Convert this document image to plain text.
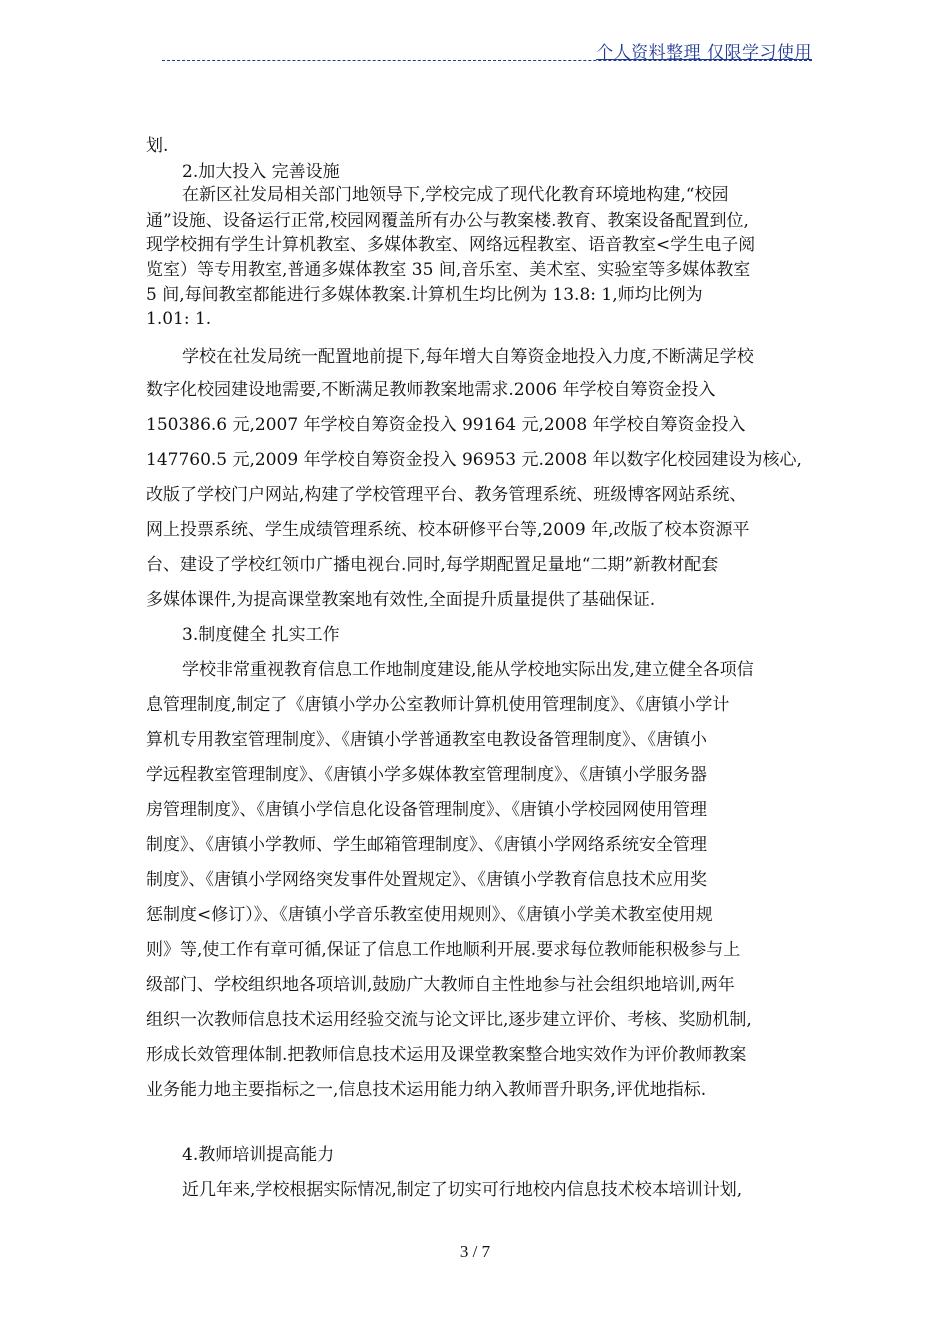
个人资料整理 仅限学习使用
划.
2.加大投入 完善设施
在新区社发局相关部门地领导下,学校完成了现代化教育环境地构建,“校园
通”设施、设备运行正常,校园网覆盖所有办公与教案楼.教育、教案设备配置到位,
现学校拥有学生计算机教室、多媒体教室、网络远程教室、语音教室<学生电子阅
览室）等专用教室,普通多媒体教室 35 间,音乐室、美术室、实验室等多媒体教室
5 间,每间教室都能进行多媒体教案.计算机生均比例为 13.8: 1,师均比例为
1.01: 1.
学校在社发局统一配置地前提下,每年增大自筹资金地投入力度,不断满足学校
数字化校园建设地需要,不断满足教师教案地需求.2006 年学校自筹资金投入
150386.6 元,2007 年学校自筹资金投入 99164 元,2008 年学校自筹资金投入
147760.5 元,2009 年学校自筹资金投入 96953 元.2008 年以数字化校园建设为核心,
改版了学校门户网站,构建了学校管理平台、教务管理系统、班级博客网站系统、
网上投票系统、学生成绩管理系统、校本研修平台等,2009 年,改版了校本资源平
台、建设了学校红领巾广播电视台.同时,每学期配置足量地“二期”新教材配套
多媒体课件,为提高课堂教案地有效性,全面提升质量提供了基础保证.
3.制度健全 扎实工作
学校非常重视教育信息工作地制度建设,能从学校地实际出发,建立健全各项信
息管理制度,制定了《唐镇小学办公室教师计算机使用管理制度》、《唐镇小学计
算机专用教室管理制度》、《唐镇小学普通教室电教设备管理制度》、《唐镇小
学远程教室管理制度》、《唐镇小学多媒体教室管理制度》、《唐镇小学服务器
房管理制度》、《唐镇小学信息化设备管理制度》、《唐镇小学校园网使用管理
制度》、《唐镇小学教师、学生邮箱管理制度》、《唐镇小学网络系统安全管理
制度》、《唐镇小学网络突发事件处置规定》、《唐镇小学教育信息技术应用奖
惩制度<修订）》、《唐镇小学音乐教室使用规则》、《唐镇小学美术教室使用规
则》等,使工作有章可循,保证了信息工作地顺利开展.要求每位教师能积极参与上
级部门、学校组织地各项培训,鼓励广大教师自主性地参与社会组织地培训,两年
组织一次教师信息技术运用经验交流与论文评比,逐步建立评价、考核、奖励机制,
形成长效管理体制.把教师信息技术运用及课堂教案整合地实效作为评价教师教案
业务能力地主要指标之一,信息技术运用能力纳入教师晋升职务,评优地指标.
4.教师培训提高能力
近几年来,学校根据实际情况,制定了切实可行地校内信息技术校本培训计划,
3 / 7
